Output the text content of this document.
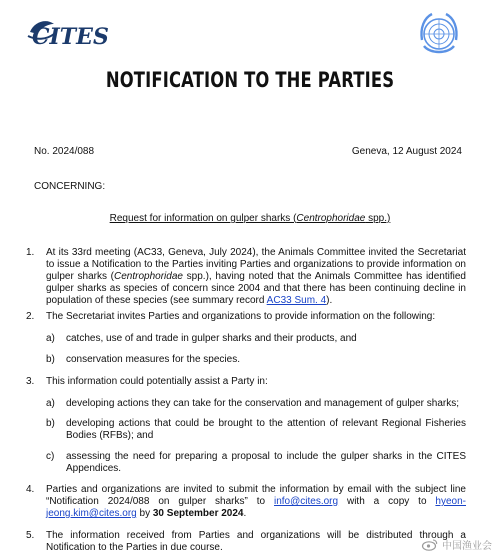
CITES
NOTIFICATION TO THE PARTIES
No. 2024/088	Geneva, 12 August 2024
CONCERNING:
Request for information on gulper sharks (Centrophoridae spp.)
1. At its 33rd meeting (AC33, Geneva, July 2024), the Animals Committee invited the Secretariat to issue a Notification to the Parties inviting Parties and organizations to provide information on gulper sharks (Centrophoridae spp.), having noted that the Animals Committee has identified gulper sharks as species of concern since 2004 and that there has been continuing decline in population of these species (see summary record AC33 Sum. 4).
2. The Secretariat invites Parties and organizations to provide information on the following:
a) catches, use of and trade in gulper sharks and their products, and
b) conservation measures for the species.
3. This information could potentially assist a Party in:
a) developing actions they can take for the conservation and management of gulper sharks;
b) developing actions that could be brought to the attention of relevant Regional Fisheries Bodies (RFBs); and
c) assessing the need for preparing a proposal to include the gulper sharks in the CITES Appendices.
4. Parties and organizations are invited to submit the information by email with the subject line “Notification 2024/088 on gulper sharks” to info@cites.org with a copy to hyeon-jeong.kim@cites.org by 30 September 2024.
5. The information received from Parties and organizations will be distributed through a Notification to the Parties in due course.	中国渔业会
